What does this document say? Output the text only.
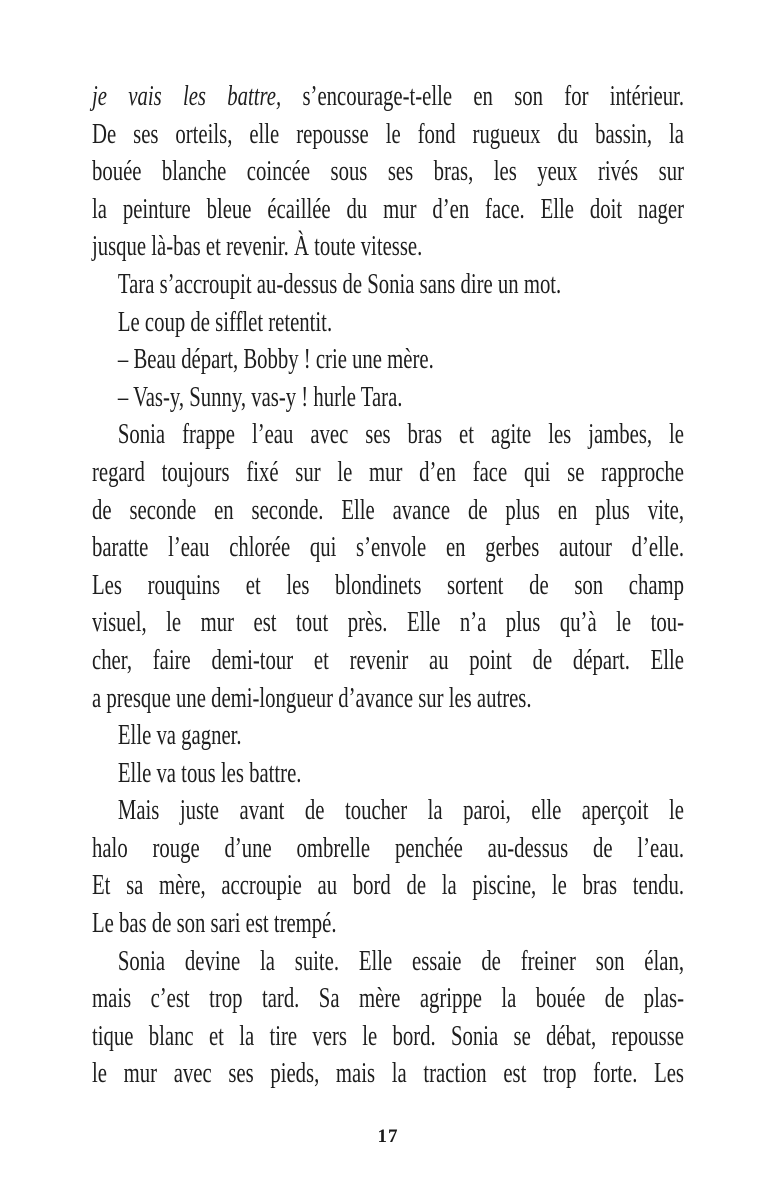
je vais les battre, s’encourage-t-elle en son for intérieur.
De ses orteils, elle repousse le fond rugueux du bassin, la
bouée blanche coincée sous ses bras, les yeux rivés sur
la peinture bleue écaillée du mur d’en face. Elle doit nager
jusque là-bas et revenir. À toute vitesse.
Tara s’accroupit au-dessus de Sonia sans dire un mot.
Le coup de sifflet retentit.
– Beau départ, Bobby ! crie une mère.
– Vas-y, Sunny, vas-y ! hurle Tara.
Sonia frappe l’eau avec ses bras et agite les jambes, le
regard toujours fixé sur le mur d’en face qui se rapproche
de seconde en seconde. Elle avance de plus en plus vite,
baratte l’eau chlorée qui s’envole en gerbes autour d’elle.
Les rouquins et les blondinets sortent de son champ
visuel, le mur est tout près. Elle n’a plus qu’à le tou-
cher, faire demi-tour et revenir au point de départ. Elle
a presque une demi-longueur d’avance sur les autres.
Elle va gagner.
Elle va tous les battre.
Mais juste avant de toucher la paroi, elle aperçoit le
halo rouge d’une ombrelle penchée au-dessus de l’eau.
Et sa mère, accroupie au bord de la piscine, le bras tendu.
Le bas de son sari est trempé.
Sonia devine la suite. Elle essaie de freiner son élan,
mais c’est trop tard. Sa mère agrippe la bouée de plas-
tique blanc et la tire vers le bord. Sonia se débat, repousse
le mur avec ses pieds, mais la traction est trop forte. Les
17
